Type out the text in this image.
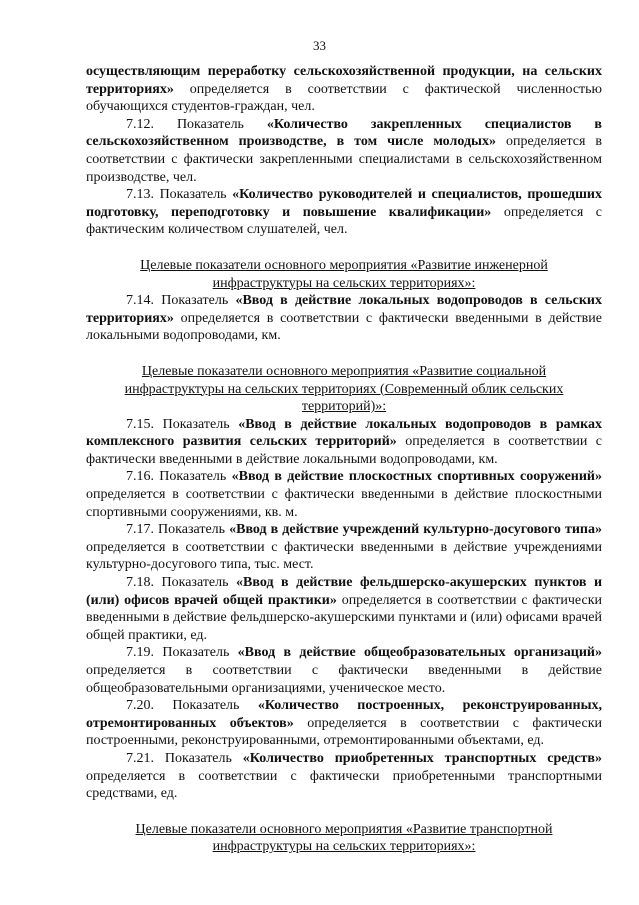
33

осуществляющим переработку сельскохозяйственной продукции, на сельских территориях» определяется в соответствии с фактической численностью обучающихся студентов-граждан, чел.

7.12. Показатель «Количество закрепленных специалистов в сельскохозяйственном производстве, в том числе молодых» определяется в соответствии с фактически закрепленными специалистами в сельскохозяйственном производстве, чел.

7.13. Показатель «Количество руководителей и специалистов, прошедших подготовку, переподготовку и повышение квалификации» определяется с фактическим количеством слушателей, чел.

Целевые показатели основного мероприятия «Развитие инженерной
инфраструктуры на сельских территориях»:

7.14. Показатель «Ввод в действие локальных водопроводов в сельских территориях» определяется в соответствии с фактически введенными в действие локальными водопроводами, км.

Целевые показатели основного мероприятия «Развитие социальной
инфраструктуры на сельских территориях (Современный облик сельских
территорий)»:

7.15. Показатель «Ввод в действие локальных водопроводов в рамках комплексного развития сельских территорий» определяется в соответствии с фактически введенными в действие локальными водопроводами, км.

7.16. Показатель «Ввод в действие плоскостных спортивных сооружений» определяется в соответствии с фактически введенными в действие плоскостными спортивными сооружениями, кв. м.

7.17. Показатель «Ввод в действие учреждений культурно-досугового типа» определяется в соответствии с фактически введенными в действие учреждениями культурно-досугового типа, тыс. мест.

7.18. Показатель «Ввод в действие фельдшерско-акушерских пунктов и (или) офисов врачей общей практики» определяется в соответствии с фактически введенными в действие фельдшерско-акушерскими пунктами и (или) офисами врачей общей практики, ед.

7.19. Показатель «Ввод в действие общеобразовательных организаций» определяется в соответствии с фактически введенными в действие общеобразовательными организациями, ученическое место.

7.20. Показатель «Количество построенных, реконструированных, отремонтированных объектов» определяется в соответствии с фактически построенными, реконструированными, отремонтированными объектами, ед.

7.21. Показатель «Количество приобретенных транспортных средств» определяется в соответствии с фактически приобретенными транспортными средствами, ед.

Целевые показатели основного мероприятия «Развитие транспортной
инфраструктуры на сельских территориях»:
